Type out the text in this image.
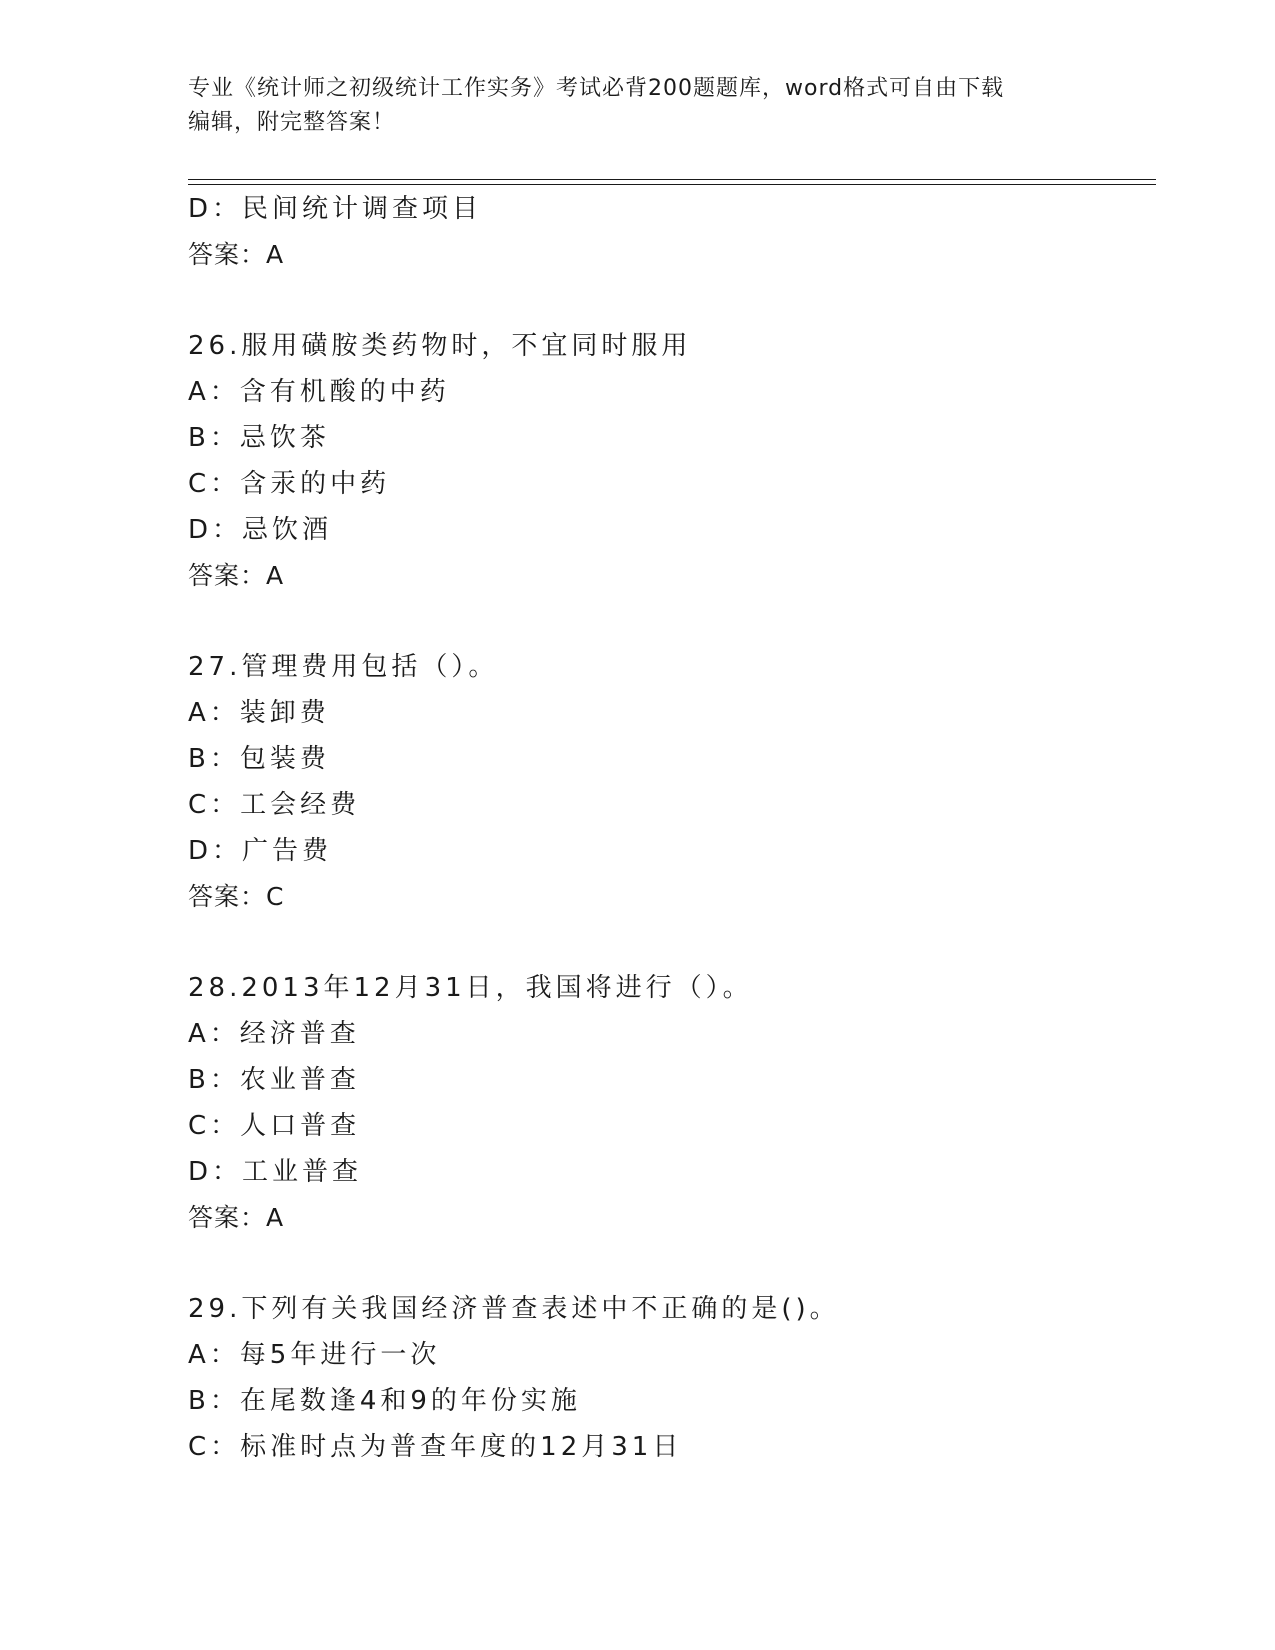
专业《统计师之初级统计工作实务》考试必背200题题库，word格式可自由下载
编辑，附完整答案！
D：民间统计调查项目
答案：A
26.服用磺胺类药物时，不宜同时服用
A：含有机酸的中药
B：忌饮茶
C：含汞的中药
D：忌饮酒
答案：A
27.管理费用包括（）。
A：装卸费
B：包装费
C：工会经费
D：广告费
答案：C
28.2013年12月31日，我国将进行（）。
A：经济普查
B：农业普查
C：人口普查
D：工业普查
答案：A
29.下列有关我国经济普查表述中不正确的是()。
A：每5年进行一次
B：在尾数逢4和9的年份实施
C：标准时点为普查年度的12月31日
